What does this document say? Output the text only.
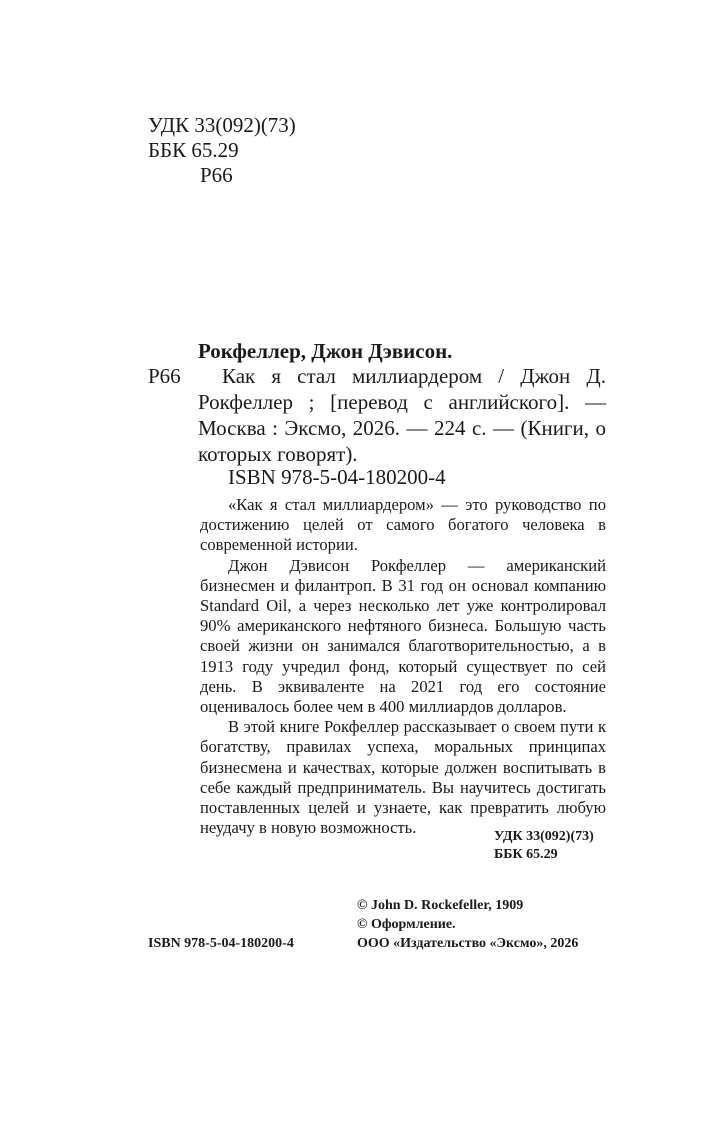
УДК 33(092)(73)
ББК 65.29
Р66
Рокфеллер, Джон Дэвисон.
Р66	Как я стал миллиардером / Джон Д. Рокфеллер ; [перевод с английского]. — Москва : Эксмо, 2026. — 224 с. — (Книги, о которых говорят).

ISBN 978-5-04-180200-4

«Как я стал миллиардером» — это руководство по достижению целей от самого богатого человека в современной истории.

Джон Дэвисон Рокфеллер — американский бизнесмен и филантроп. В 31 год он основал компанию Standard Oil, а через несколько лет уже контролировал 90% американского нефтяного бизнеса. Большую часть своей жизни он занимался благотворительностью, а в 1913 году учредил фонд, который существует по сей день. В эквиваленте на 2021 год его состояние оценивалось более чем в 400 миллиардов долларов.

В этой книге Рокфеллер рассказывает о своем пути к богатству, правилах успеха, моральных принципах бизнесмена и качествах, которые должен воспитывать в себе каждый предприниматель. Вы научитесь достигать поставленных целей и узнаете, как превратить любую неудачу в новую возможность.	УДК 33(092)(73)
ББК 65.29
© John D. Rockefeller, 1909
© Оформление.
ООО «Издательство «Эксмо», 2026
ISBN 978-5-04-180200-4
